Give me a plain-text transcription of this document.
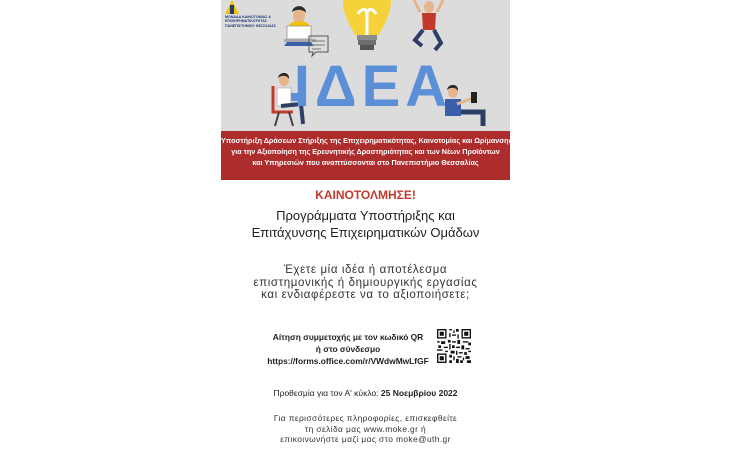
ΜΟΝΑΔΑ ΚΑΙΝΟΤΟΜΙΑΣ & ΕΠΙΧΕΙΡΗΜΑΤΙΚΟΤΗΤΑΣ ΠΑΝΕΠΙΣΤΗΜΙΟΥ ΘΕΣΣΑΛΙΑΣ
ΙΔΕΑ
Υποστήριξη Δράσεων Στήριξης της Επιχειρηματικότητας, Καινοτομίας και Ωρίμανσης
για την Αξιοποίηση της Ερευνητικής Δραστηριότητας και των Νέων Προϊόντων
και Υπηρεσιών που αναπτύσσονται στο Πανεπιστήμιο Θεσσαλίας
ΚΑΙΝΟΤΟΛΜΗΣΕ!
Προγράμματα Υποστήριξης και
Επιτάχυνσης Επιχειρηματικών Ομάδων
Έχετε μία ιδέα ή αποτέλεσμα
επιστημονικής ή δημιουργικής εργασίας
και ενδιαφέρεστε να το αξιοποιήσετε;
Αίτηση συμμετοχής με τον κωδικό QR
ή στο σύνδεσμο
https://forms.office.com/r/VWdwMwLfGF
Προθεσμία για τον Α' κύκλο: 25 Νοεμβρίου 2022
Για περισσότερες πληροφορίες, επισκεφθείτε
τη σελίδα μας www.moke.gr ή
επικοινωνήστε μαζί μας στο moke@uth.gr
